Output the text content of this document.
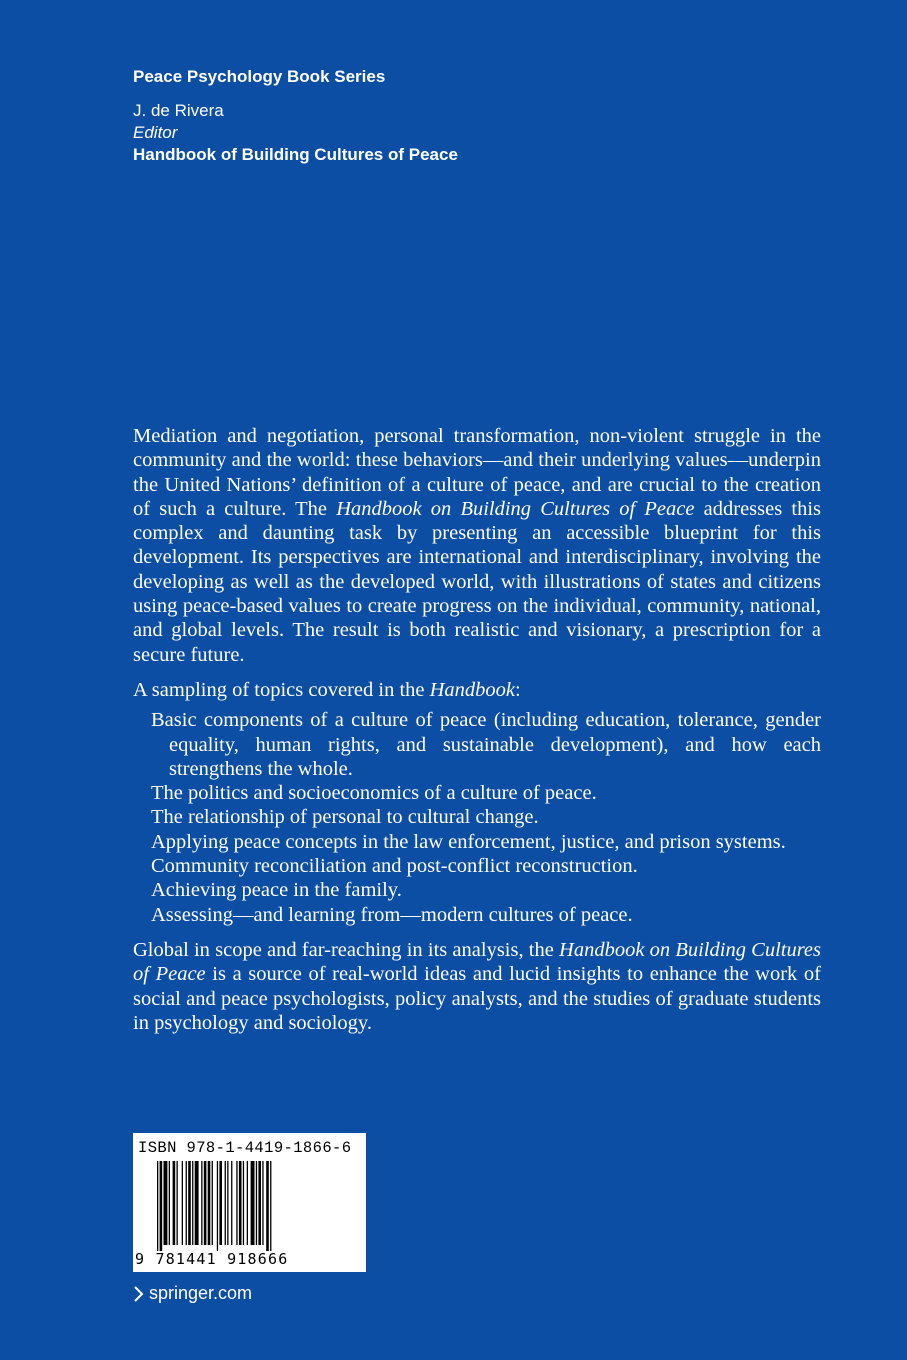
Peace Psychology Book Series
J. de Rivera
Editor
Handbook of Building Cultures of Peace

Mediation and negotiation, personal transformation, non-violent struggle in the community and the world: these behaviors—and their underlying values—underpin the United Nations’ definition of a culture of peace, and are crucial to the creation of such a culture. The Handbook on Building Cultures of Peace addresses this complex and daunting task by presenting an accessible blueprint for this development. Its perspectives are international and interdisciplinary, involving the developing as well as the developed world, with illustrations of states and citizens using peace-based values to create progress on the individual, community, national, and global levels. The result is both realistic and visionary, a prescription for a secure future.

A sampling of topics covered in the Handbook:

Basic components of a culture of peace (including education, tolerance, gender equality, human rights, and sustainable development), and how each strengthens the whole.
The politics and socioeconomics of a culture of peace.
The relationship of personal to cultural change.
Applying peace concepts in the law enforcement, justice, and prison systems.
Community reconciliation and post-conflict reconstruction.
Achieving peace in the family.
Assessing—and learning from—modern cultures of peace.

Global in scope and far-reaching in its analysis, the Handbook on Building Cultures of Peace is a source of real-world ideas and lucid insights to enhance the work of social and peace psychologists, policy analysts, and the studies of graduate students in psychology and sociology.

ISBN 978-1-4419-1866-6
9 781441 918666
springer.com
